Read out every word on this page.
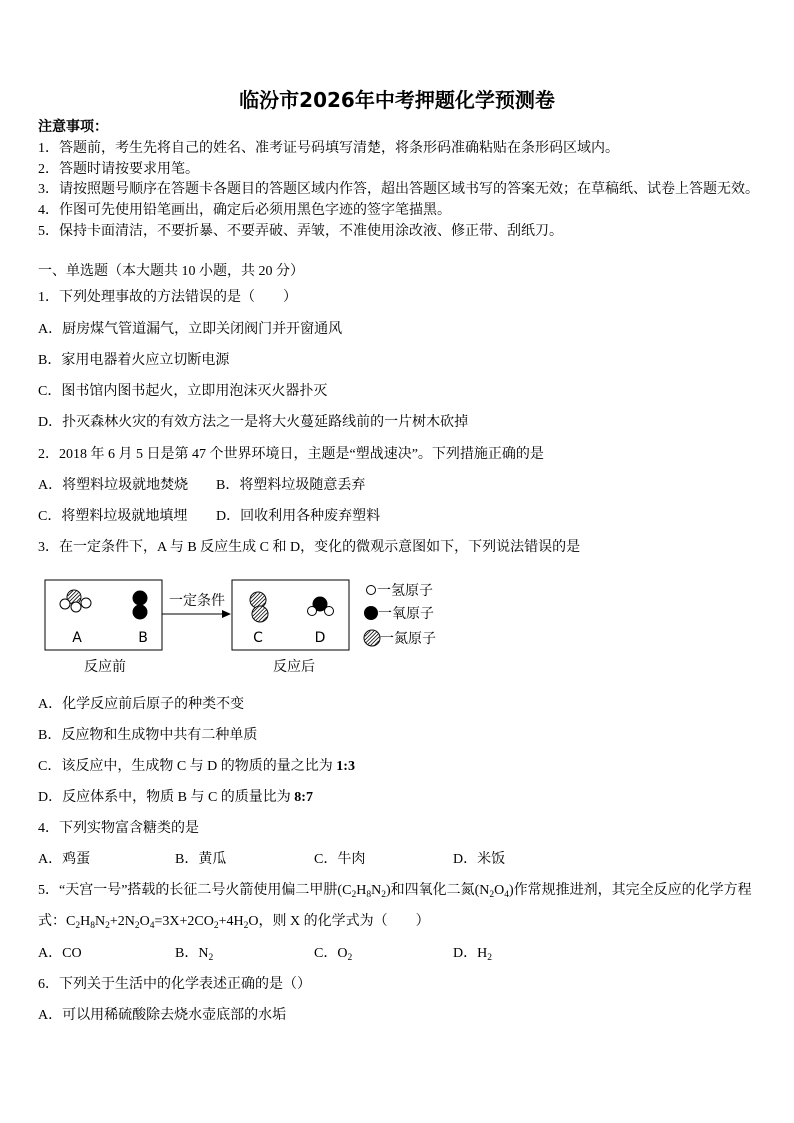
临汾市2026年中考押题化学预测卷
注意事项：
1．答题前，考生先将自己的姓名、准考证号码填写清楚，将条形码准确粘贴在条形码区域内。
2．答题时请按要求用笔。
3．请按照题号顺序在答题卡各题目的答题区域内作答，超出答题区域书写的答案无效；在草稿纸、试卷上答题无效。
4．作图可先使用铅笔画出，确定后必须用黑色字迹的签字笔描黑。
5．保持卡面清洁，不要折暴、不要弄破、弄皱，不准使用涂改液、修正带、刮纸刀。
一、单选题（本大题共 10 小题，共 20 分）
1．下列处理事故的方法错误的是（　　）
A．厨房煤气管道漏气，立即关闭阀门并开窗通风
B．家用电器着火应立切断电源
C．图书馆内图书起火，立即用泡沫灭火器扑灭
D．扑灭森林火灾的有效方法之一是将大火蔓延路线前的一片树木砍掉
2．2018 年 6 月 5 日是第 47 个世界环境日，主题是“塑战速决”。下列措施正确的是
A．将塑料垃圾就地焚烧 B．将塑料垃圾随意丢弃
C．将塑料垃圾就地填埋 D．回收利用各种废弃塑料
3．在一定条件下，A 与 B 反应生成 C 和 D，变化的微观示意图如下，下列说法错误的是
一定条件
A	B	C	D
反应前	反应后
一氢原子
一氧原子
一氮原子
A．化学反应前后原子的种类不变
B．反应物和生成物中共有二种单质
C．该反应中，生成物 C 与 D 的物质的量之比为 1:3
D．反应体系中，物质 B 与 C 的质量比为 8:7
4．下列实物富含糖类的是
A．鸡蛋	B．黄瓜	C．牛肉	D．米饭
5．“天宫一号”搭载的长征二号火箭使用偏二甲肼$(C_2H_8N_2)$和四氧化二氮$(N_2O_4)$作常规推进剂，其完全反应的化学方程
式：$C_2H_8N_2+2N_2O_4=3X+2CO_2+4H_2O$，则 X 的化学式为（　　）
A．CO	B．$N_2$	C．$O_2$	D．$H_2$
6．下列关于生活中的化学表述正确的是（）
A．可以用稀硫酸除去烧水壶底部的水垢
